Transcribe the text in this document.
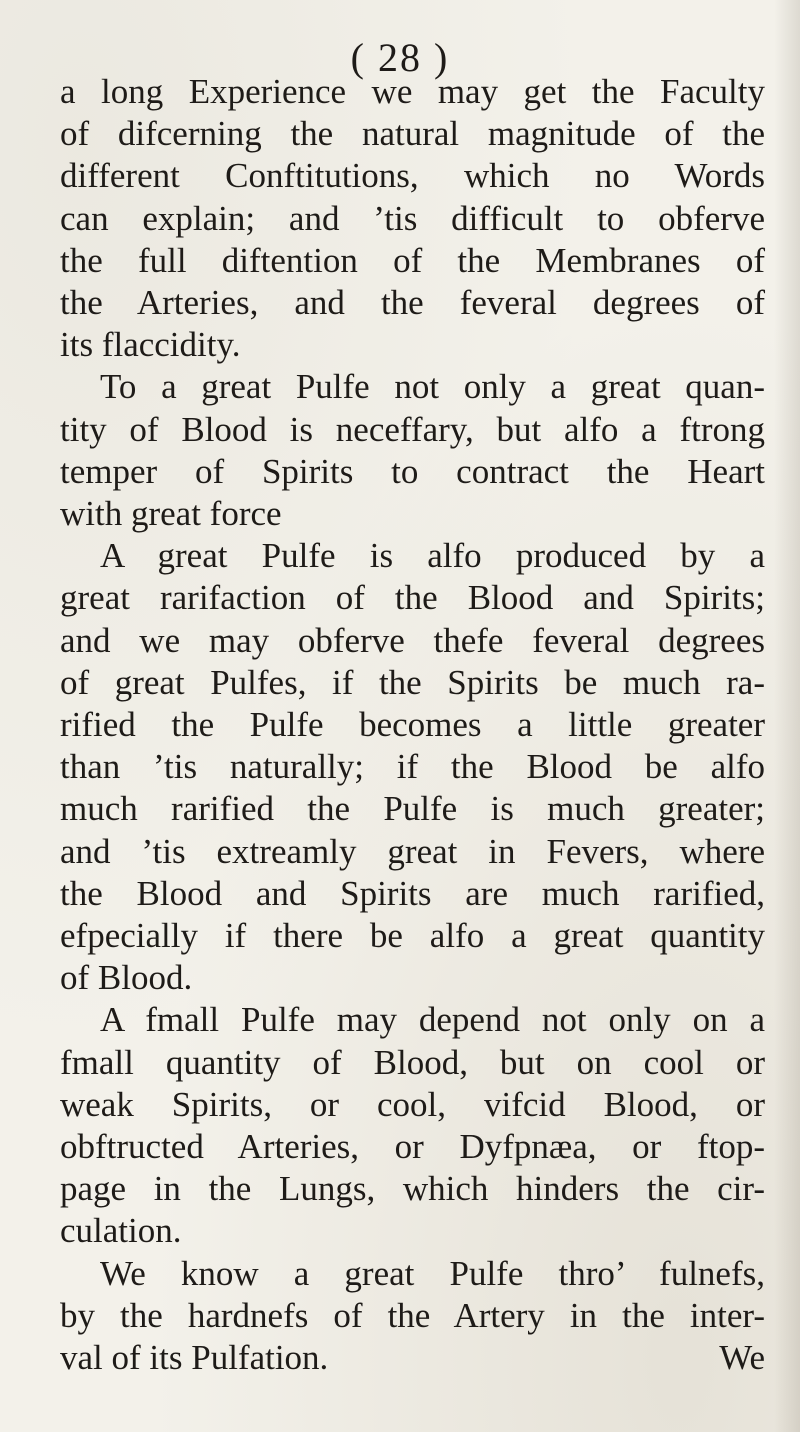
( 28 )
a long Experience we may get the Faculty
of difcerning the natural magnitude of the
different Conftitutions, which no Words
can explain; and ’tis difficult to obferve
the full diftention of the Membranes of
the Arteries, and the feveral degrees of
its flaccidity.
To a great Pulfe not only a great quan-
tity of Blood is neceffary, but alfo a ftrong
temper of Spirits to contract the Heart
with great force
A great Pulfe is alfo produced by a
great rarifaction of the Blood and Spirits;
and we may obferve thefe feveral degrees
of great Pulfes, if the Spirits be much ra-
rified the Pulfe becomes a little greater
than ’tis naturally; if the Blood be alfo
much rarified the Pulfe is much greater;
and ’tis extreamly great in Fevers, where
the Blood and Spirits are much rarified,
efpecially if there be alfo a great quantity
of Blood.
A fmall Pulfe may depend not only on a
fmall quantity of Blood, but on cool or
weak Spirits, or cool, vifcid Blood, or
obftructed Arteries, or Dyfpnæa, or ftop-
page in the Lungs, which hinders the cir-
culation.
We know a great Pulfe thro’ fulnefs,
by the hardnefs of the Artery in the inter-
val of its Pulfation.	We
